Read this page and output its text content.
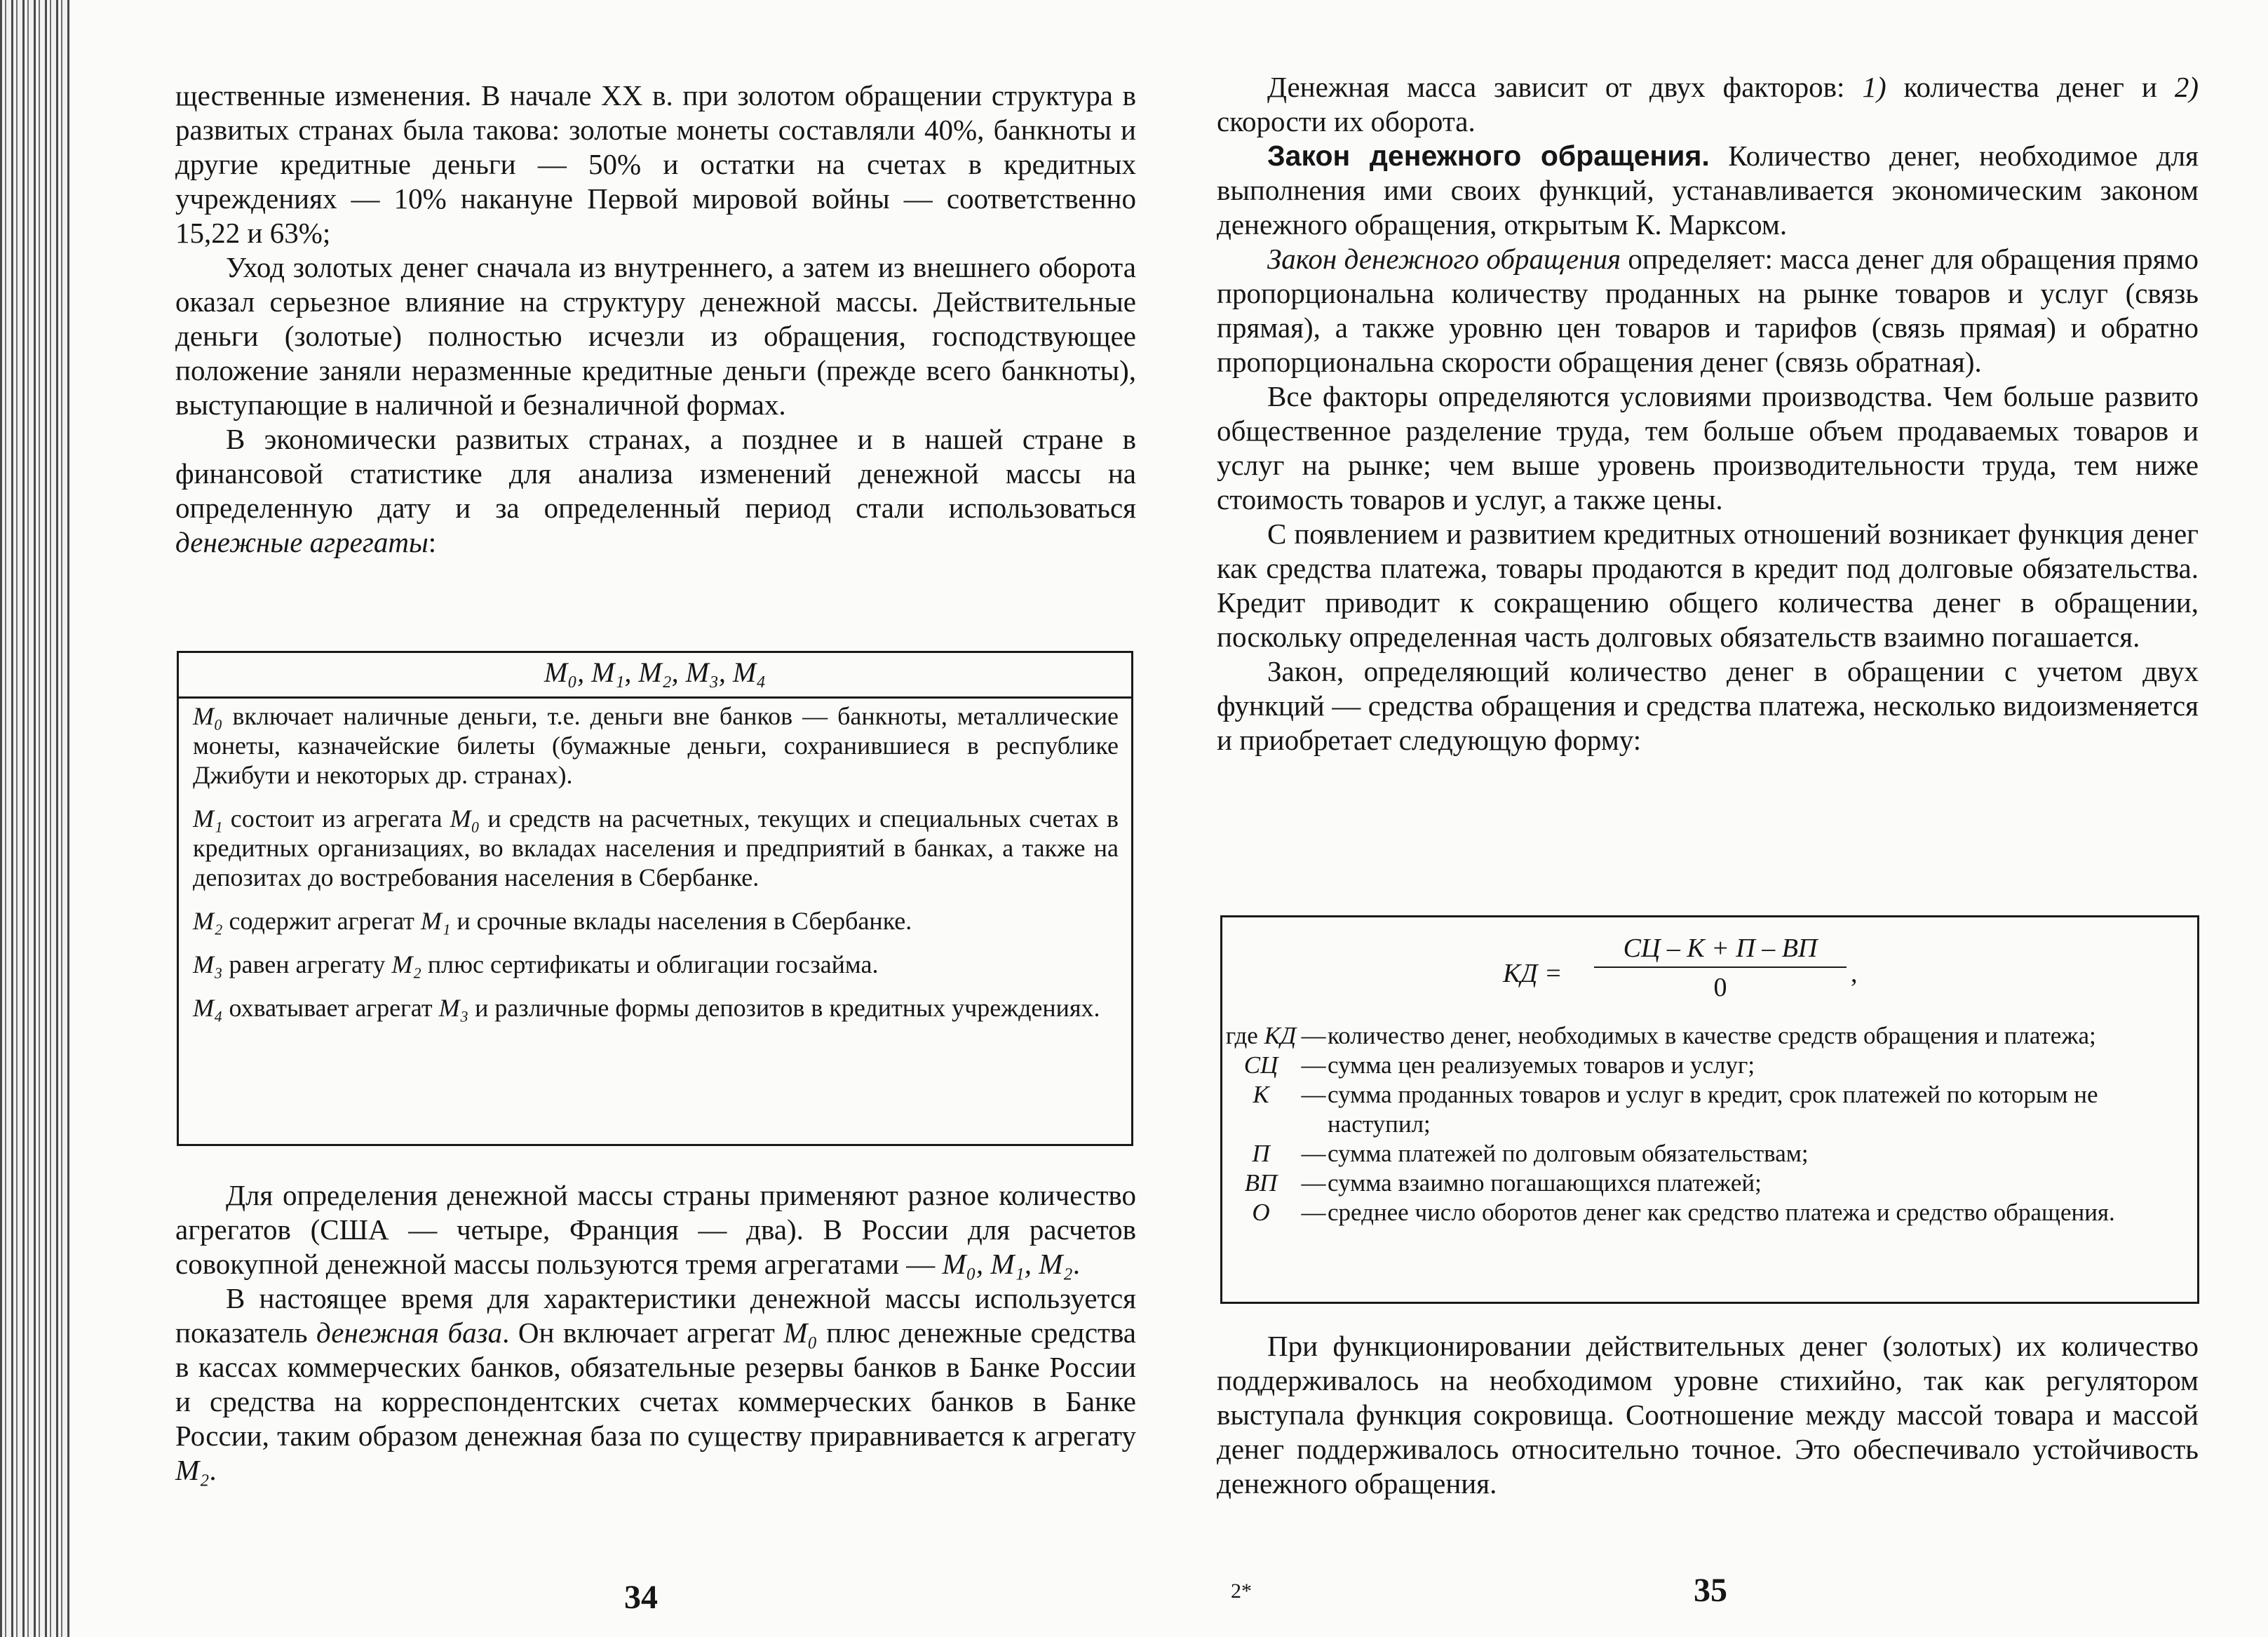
щественные изменения. В начале XX в. при золотом обращении структура в развитых странах была такова: золотые монеты составляли 40%, банкноты и другие кредитные деньги — 50% и остатки на счетах в кредитных учреждениях — 10% накануне Первой мировой войны — соответственно 15,22 и 63%;

Уход золотых денег сначала из внутреннего, а затем из внешнего оборота оказал серьезное влияние на структуру денежной массы. Действительные деньги (золотые) полностью исчезли из обращения, господствующее положение заняли неразменные кредитные деньги (прежде всего банкноты), выступающие в наличной и безналичной формах.

В экономически развитых странах, а позднее и в нашей стране в финансовой статистике для анализа изменений денежной массы на определенную дату и за определенный период стали использоваться денежные агрегаты:

M₀, M₁, M₂, M₃, M₄

M₀ включает наличные деньги, т.е. деньги вне банков — банкноты, металлические монеты, казначейские билеты (бумажные деньги, сохранившиеся в республике Джибути и некоторых др. странах).

M₁ состоит из агрегата M₀ и средств на расчетных, текущих и специальных счетах в кредитных организациях, во вкладах населения и предприятий в банках, а также на депозитах до востребования населения в Сбербанке.

M₂ содержит агрегат M₁ и срочные вклады населения в Сбербанке.

M₃ равен агрегату M₂ плюс сертификаты и облигации госзайма.

M₄ охватывает агрегат M₃ и различные формы депозитов в кредитных учреждениях.

Для определения денежной массы страны применяют разное количество агрегатов (США — четыре, Франция — два). В России для расчетов совокупной денежной массы пользуются тремя агрегатами — M₀, M₁, M₂.

В настоящее время для характеристики денежной массы используется показатель денежная база. Он включает агрегат M₀ плюс денежные средства в кассах коммерческих банков, обязательные резервы банков в Банке России и средства на корреспондентских счетах коммерческих банков в Банке России, таким образом денежная база по существу приравнивается к агрегату M₂.

34

Денежная масса зависит от двух факторов: 1) количества денег и 2) скорости их оборота.

Закон денежного обращения. Количество денег, необходимое для выполнения ими своих функций, устанавливается экономическим законом денежного обращения, открытым К. Марксом.

Закон денежного обращения определяет: масса денег для обращения прямо пропорциональна количеству проданных на рынке товаров и услуг (связь прямая), а также уровню цен товаров и тарифов (связь прямая) и обратно пропорциональна скорости обращения денег (связь обратная).

Все факторы определяются условиями производства. Чем больше развито общественное разделение труда, тем больше объем продаваемых товаров и услуг на рынке; чем выше уровень производительности труда, тем ниже стоимость товаров и услуг, а также цены.

С появлением и развитием кредитных отношений возникает функция денег как средства платежа, товары продаются в кредит под долговые обязательства. Кредит приводит к сокращению общего количества денег в обращении, поскольку определенная часть долговых обязательств взаимно погашается.

Закон, определяющий количество денег в обращении с учетом двух функций — средства обращения и средства платежа, несколько видоизменяется и приобретает следующую форму:

КД =
СЦ – К + П – ВП
0	,
где КД — количество денег, необходимых в качестве средств обращения и платежа;
СЦ — сумма цен реализуемых товаров и услуг;
К	— сумма проданных товаров и услуг в кредит, срок платежей по которым не наступил;
П	— сумма платежей по долговым обязательствам;
ВП — сумма взаимно погашающихся платежей;
О	— среднее число оборотов денег как средство платежа и средство обращения.

При функционировании действительных денег (золотых) их количество поддерживалось на необходимом уровне стихийно, так как регулятором выступала функция сокровища. Соотношение между массой товара и массой денег поддерживалось относительно точное. Это обеспечивало устойчивость денежного обращения.

2*	35
